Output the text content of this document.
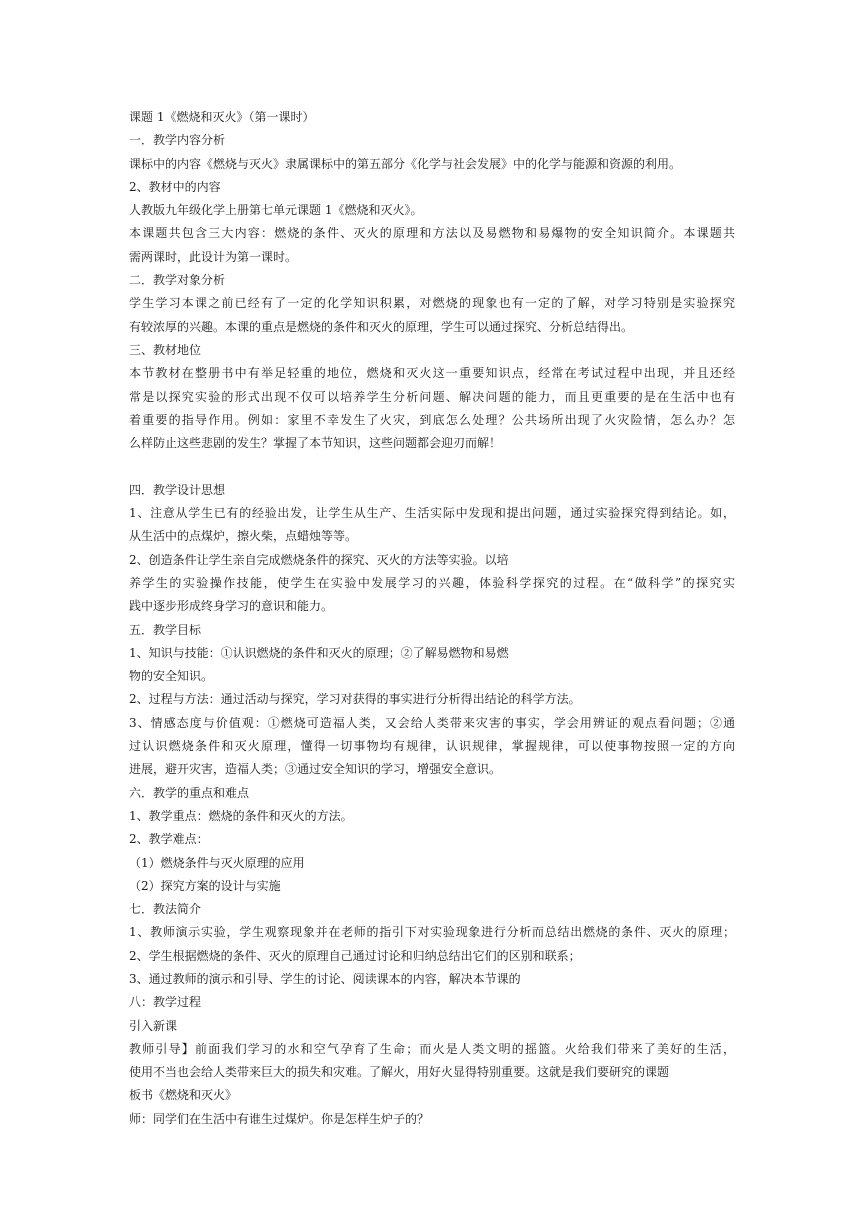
课题 1《燃烧和灭火》（第一课时）
一．教学内容分析
课标中的内容《燃烧与灭火》隶属课标中的第五部分《化学与社会发展》中的化学与能源和资源的利用。
2、教材中的内容
人教版九年级化学上册第七单元课题 1《燃烧和灭火》。
本课题共包含三大内容：燃烧的条件、灭火的原理和方法以及易燃物和易爆物的安全知识简介。本课题共
需两课时，此设计为第一课时。
二．教学对象分析
学生学习本课之前已经有了一定的化学知识积累，对燃烧的现象也有一定的了解，对学习特别是实验探究
有较浓厚的兴趣。本课的重点是燃烧的条件和灭火的原理，学生可以通过探究、分析总结得出。
三、教材地位
本节教材在整册书中有举足轻重的地位，燃烧和灭火这一重要知识点，经常在考试过程中出现，并且还经
常是以探究实验的形式出现不仅可以培养学生分析问题、解决问题的能力，而且更重要的是在生活中也有
着重要的指导作用。例如：家里不幸发生了火灾，到底怎么处理？公共场所出现了火灾险情，怎么办？怎
么样防止这些悲剧的发生？掌握了本节知识，这些问题都会迎刃而解！
四．教学设计思想
1、注意从学生已有的经验出发，让学生从生产、生活实际中发现和提出问题，通过实验探究得到结论。如，
从生活中的点煤炉，擦火柴，点蜡烛等等。
2、创造条件让学生亲自完成燃烧条件的探究、灭火的方法等实验。以培
养学生的实验操作技能，使学生在实验中发展学习的兴趣，体验科学探究的过程。在“做科学”的探究实
践中逐步形成终身学习的意识和能力。
五．教学目标
1、知识与技能：①认识燃烧的条件和灭火的原理；②了解易燃物和易燃
物的安全知识。
2、过程与方法：通过活动与探究，学习对获得的事实进行分析得出结论的科学方法。
3、情感态度与价值观：①燃烧可造福人类，又会给人类带来灾害的事实，学会用辨证的观点看问题；②通
过认识燃烧条件和灭火原理，懂得一切事物均有规律，认识规律，掌握规律，可以使事物按照一定的方向
进展，避开灾害，造福人类；③通过安全知识的学习，增强安全意识。
六．教学的重点和难点
1、教学重点：燃烧的条件和灭火的方法。
2、教学难点：
（1）燃烧条件与灭火原理的应用
（2）探究方案的设计与实施
七．教法简介
1、教师演示实验，学生观察现象并在老师的指引下对实验现象进行分析而总结出燃烧的条件、灭火的原理；
2、学生根据燃烧的条件、灭火的原理自己通过讨论和归纳总结出它们的区别和联系；
3、通过教师的演示和引导、学生的讨论、阅读课本的内容，解决本节课的
八：教学过程
引入新课
教师引导】前面我们学习的水和空气孕育了生命；而火是人类文明的摇篮。火给我们带来了美好的生活，
使用不当也会给人类带来巨大的损失和灾难。了解火，用好火显得特别重要。这就是我们要研究的课题
板书《燃烧和灭火》
师：同学们在生活中有谁生过煤炉。你是怎样生炉子的？
